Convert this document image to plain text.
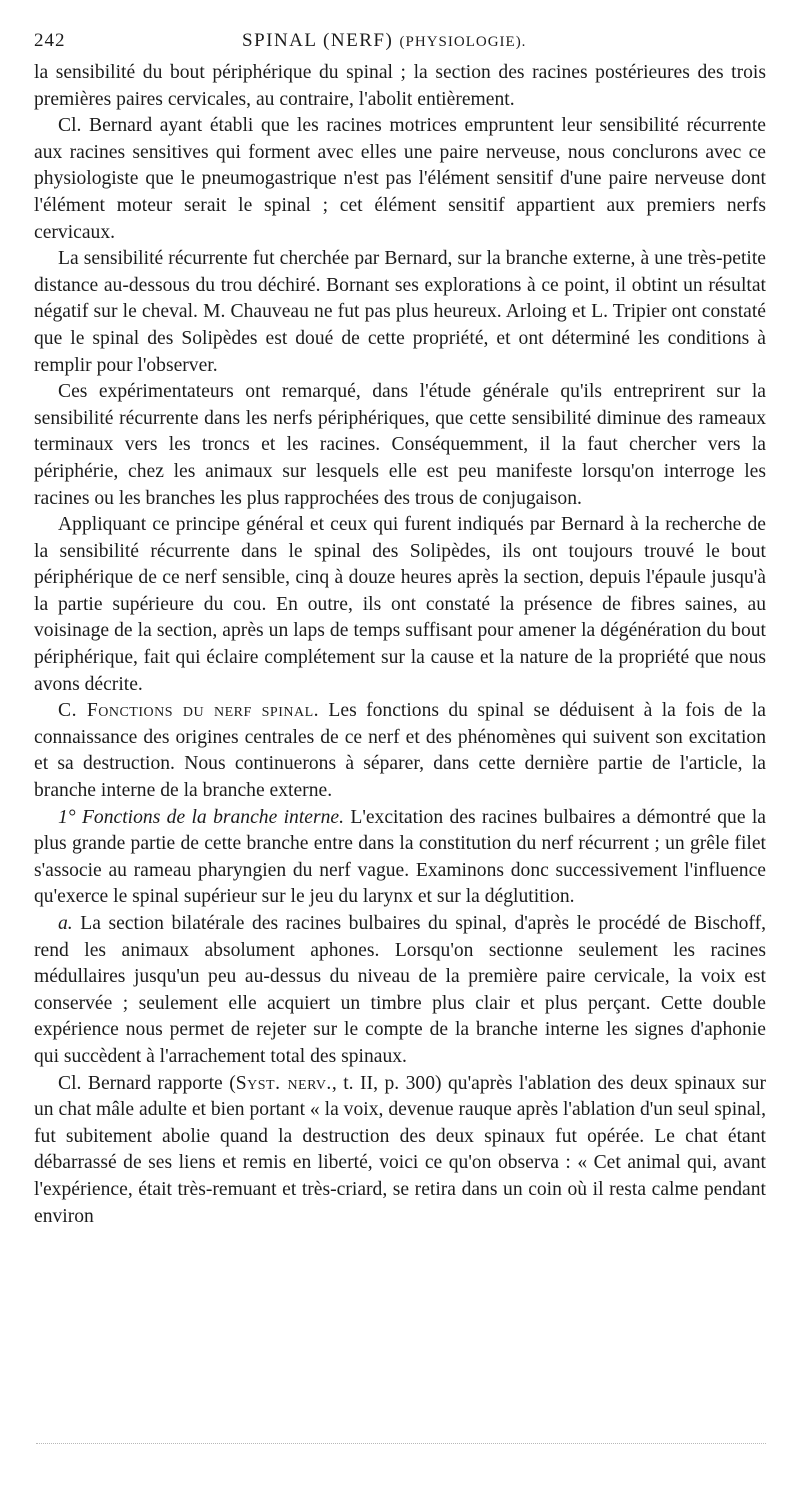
242	SPINAL (NERF) (PHYSIOLOGIE).

la sensibilité du bout périphérique du spinal ; la section des racines postérieures des trois premières paires cervicales, au contraire, l'abolit entièrement.

Cl. Bernard ayant établi que les racines motrices empruntent leur sensibilité récurrente aux racines sensitives qui forment avec elles une paire nerveuse, nous conclurons avec ce physiologiste que le pneumogastrique n'est pas l'élément sensitif d'une paire nerveuse dont l'élément moteur serait le spinal ; cet élément sensitif appartient aux premiers nerfs cervicaux.

La sensibilité récurrente fut cherchée par Bernard, sur la branche externe, à une très-petite distance au-dessous du trou déchiré. Bornant ses explorations à ce point, il obtint un résultat négatif sur le cheval. M. Chauveau ne fut pas plus heureux. Arloing et L. Tripier ont constaté que le spinal des Solipèdes est doué de cette propriété, et ont déterminé les conditions à remplir pour l'observer.

Ces expérimentateurs ont remarqué, dans l'étude générale qu'ils entreprirent sur la sensibilité récurrente dans les nerfs périphériques, que cette sensibilité diminue des rameaux terminaux vers les troncs et les racines. Conséquemment, il la faut chercher vers la périphérie, chez les animaux sur lesquels elle est peu manifeste lorsqu'on interroge les racines ou les branches les plus rapprochées des trous de conjugaison.

Appliquant ce principe général et ceux qui furent indiqués par Bernard à la recherche de la sensibilité récurrente dans le spinal des Solipèdes, ils ont toujours trouvé le bout périphérique de ce nerf sensible, cinq à douze heures après la section, depuis l'épaule jusqu'à la partie supérieure du cou. En outre, ils ont constaté la présence de fibres saines, au voisinage de la section, après un laps de temps suffisant pour amener la dégénération du bout périphérique, fait qui éclaire complétement sur la cause et la nature de la propriété que nous avons décrite.

C. Fonctions du nerf spinal. Les fonctions du spinal se déduisent à la fois de la connaissance des origines centrales de ce nerf et des phénomènes qui suivent son excitation et sa destruction. Nous continuerons à séparer, dans cette dernière partie de l'article, la branche interne de la branche externe.

1° Fonctions de la branche interne. L'excitation des racines bulbaires a démontré que la plus grande partie de cette branche entre dans la constitution du nerf récurrent ; un grêle filet s'associe au rameau pharyngien du nerf vague. Examinons donc successivement l'influence qu'exerce le spinal supérieur sur le jeu du larynx et sur la déglutition.

a. La section bilatérale des racines bulbaires du spinal, d'après le procédé de Bischoff, rend les animaux absolument aphones. Lorsqu'on sectionne seulement les racines médullaires jusqu'un peu au-dessus du niveau de la première paire cervicale, la voix est conservée ; seulement elle acquiert un timbre plus clair et plus perçant. Cette double expérience nous permet de rejeter sur le compte de la branche interne les signes d'aphonie qui succèdent à l'arrachement total des spinaux.

Cl. Bernard rapporte (Syst. nerv., t. II, p. 300) qu'après l'ablation des deux spinaux sur un chat mâle adulte et bien portant « la voix, devenue rauque après l'ablation d'un seul spinal, fut subitement abolie quand la destruction des deux spinaux fut opérée. Le chat étant débarrassé de ses liens et remis en liberté, voici ce qu'on observa : « Cet animal qui, avant l'expérience, était très-remuant et très-criard, se retira dans un coin où il resta calme pendant environ
